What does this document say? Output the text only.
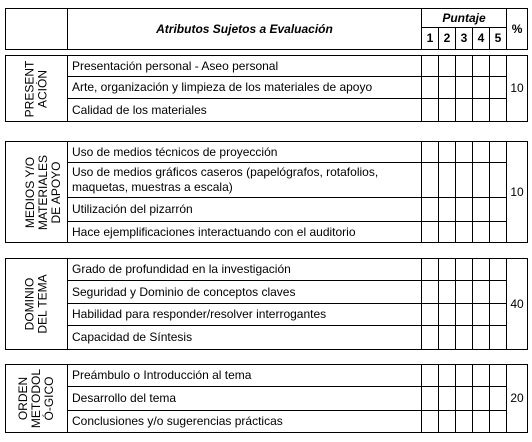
	Atributos Sujetos a Evaluación	Puntaje					%
		1	2	3	4	5	
PRESENT ACIÓN	Presentación personal - Aseo personal						10
	Arte, organización y limpieza de los materiales de apoyo						
	Calidad de los materiales						
MEDIOS Y/O MATERIALES DE APOYO	Uso de medios técnicos de proyección						10
	Uso de medios gráficos caseros (papelógrafos, rotafolios, maquetas, muestras a escala)						
	Utilización del pizarrón						
	Hace ejemplificaciones interactuando con el auditorio						
DOMINIO DEL TEMA	Grado de profundidad en la investigación						40
	Seguridad y Dominio de conceptos claves						
	Habilidad para responder/resolver interrogantes						
	Capacidad de Síntesis						
ORDEN METODOL Ó-GICO	Preámbulo o Introducción al tema						20
	Desarrollo del tema						
	Conclusiones y/o sugerencias prácticas						
